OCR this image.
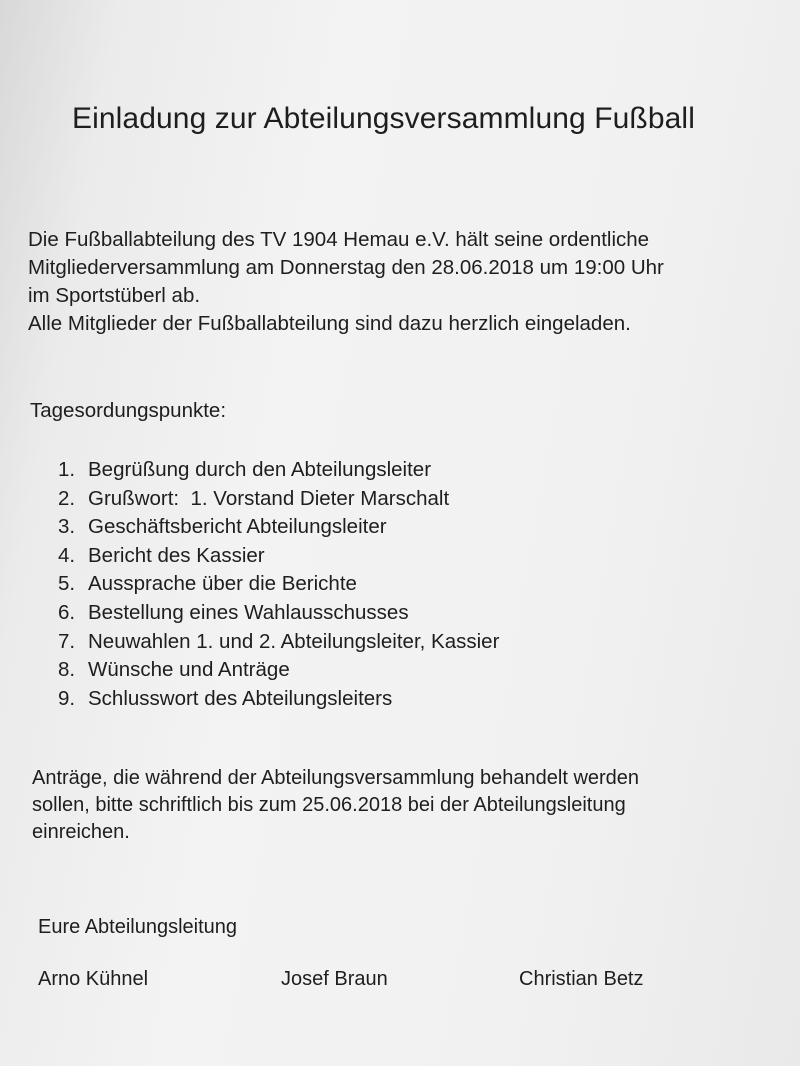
Einladung zur Abteilungsversammlung Fußball
Die Fußballabteilung des TV 1904 Hemau e.V. hält seine ordentliche
Mitgliederversammlung am Donnerstag den 28.06.2018 um 19:00 Uhr
im Sportstüberl ab.
Alle Mitglieder der Fußballabteilung sind dazu herzlich eingeladen.
Tagesordungspunkte:
1. Begrüßung durch den Abteilungsleiter
2. Grußwort:  1. Vorstand Dieter Marschalt
3. Geschäftsbericht Abteilungsleiter
4. Bericht des Kassier
5. Aussprache über die Berichte
6. Bestellung eines Wahlausschusses
7. Neuwahlen 1. und 2. Abteilungsleiter, Kassier
8. Wünsche und Anträge
9. Schlusswort des Abteilungsleiters
Anträge, die während der Abteilungsversammlung behandelt werden
sollen, bitte schriftlich bis zum 25.06.2018 bei der Abteilungsleitung
einreichen.
Eure Abteilungsleitung
Arno Kühnel	Josef Braun	Christian Betz
